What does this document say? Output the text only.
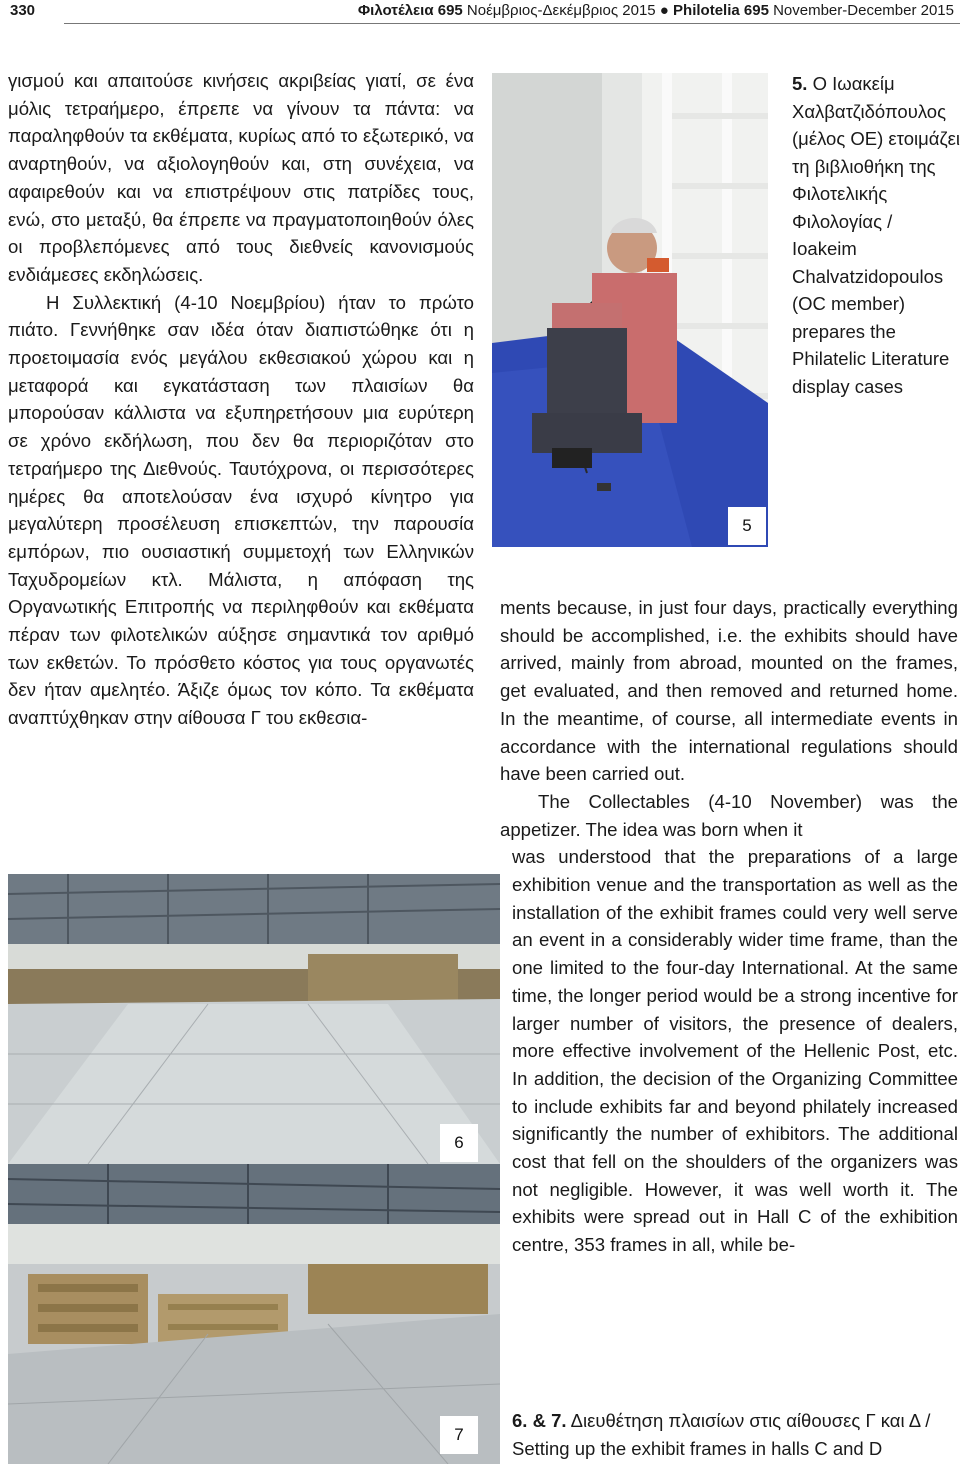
330	Φιλοτέλεια 695 Νοέμβριος-Δεκέμβριος 2015 ● Philotelia 695 November-December 2015

γισμού και απαιτούσε κινήσεις ακριβείας γιατί, σε ένα μόλις τετραήμερο, έπρεπε να γίνουν τα πάντα: να παραληφθούν τα εκθέματα, κυρίως από το εξωτερικό, να αναρτηθούν, να αξιολογηθούν και, στη συνέχεια, να αφαιρεθούν και να επιστρέψουν στις πατρίδες τους, ενώ, στο μεταξύ, θα έπρεπε να πραγματοποιηθούν όλες οι προβλεπόμενες από τους διεθνείς κανονισμούς ενδιάμεσες εκδηλώσεις.

Η Συλλεκτική (4-10 Νοεμβρίου) ήταν το πρώτο πιάτο. Γεννήθηκε σαν ιδέα όταν διαπιστώθηκε ότι η προετοιμασία ενός μεγάλου εκθεσιακού χώρου και η μεταφορά και εγκατάσταση των πλαισίων θα μπορούσαν κάλλιστα να εξυπηρετήσουν μια ευρύτερη σε χρόνο εκδήλωση, που δεν θα περιοριζόταν στο τετραήμερο της Διεθνούς. Ταυτόχρονα, οι περισσότερες ημέρες θα αποτελούσαν ένα ισχυρό κίνητρο για μεγαλύτερη προσέλευση επισκεπτών, την παρουσία εμπόρων, πιο ουσιαστική συμμετοχή των Ελληνικών Ταχυδρομείων κτλ. Μάλιστα, η απόφαση της Οργανωτικής Επιτροπής να περιληφθούν και εκθέματα πέραν των φιλοτελικών αύξησε σημαντικά τον αριθμό των εκθετών. Το πρόσθετο κόστος για τους οργανωτές δεν ήταν αμελητέο. Άξιζε όμως τον κόπο. Τα εκθέματα αναπτύχθηκαν στην αίθουσα Γ του εκθεσια-

5
5. Ο Ιωακείμ Χαλβατζιδόπουλος (μέλος ΟΕ) ετοιμάζει τη βιβλιοθήκη της Φιλοτελικής Φιλολογίας / Ioakeim Chalvatzidopoulos (OC member) prepares the Philatelic Literature display cases

ments because, in just four days, practically everything should be accomplished, i.e. the exhibits should have arrived, mainly from abroad, mounted on the frames, get evaluated, and then removed and returned home. In the meantime, of course, all intermediate events in accordance with the international regulations should have been carried out.

The Collectables (4-10 November) was the appetizer. The idea was born when it

was understood that the preparations of a large exhibition venue and the transportation as well as the installation of the exhibit frames could very well serve an event in a considerably wider time frame, than the one limited to the four-day International. At the same time, the longer period would be a strong incentive for larger number of visitors, the presence of dealers, more effective involvement of the Hellenic Post, etc. In addition, the decision of the Organizing Committee to include exhibits far and beyond philately increased significantly the number of exhibitors. The additional cost that fell on the shoulders of the organizers was not negligible. However, it was well worth it. The exhibits were spread out in Hall C of the exhibition centre, 353 frames in all, while be-

6
7
6. & 7. Διευθέτηση πλαισίων στις αίθουσες Γ και Δ /
Setting up the exhibit frames in halls C and D
